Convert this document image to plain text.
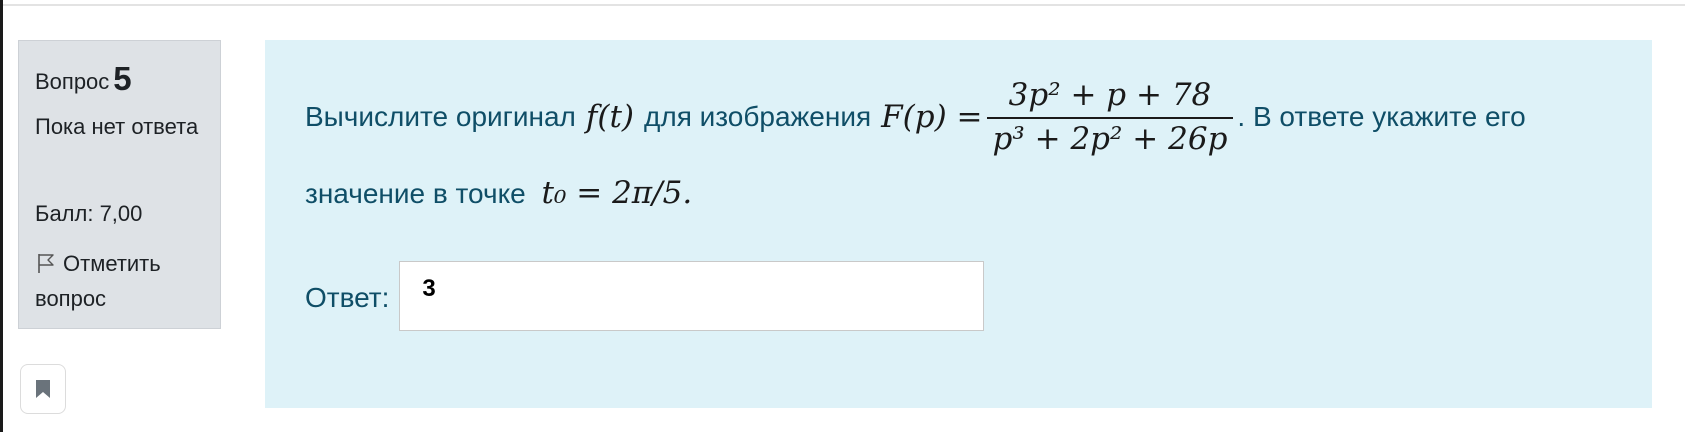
Вопрос 5
Пока нет ответа
Балл: 7,00
Отметить вопрос
Вычислите оригинал f(t) для изображения $F(p) = \frac{\text{3p² + p + 78}}{\text{p³ + 2p² + 26p}}$ . В ответе укажите его
значение в точке t₀ = 2π/5.
Ответ:
3
